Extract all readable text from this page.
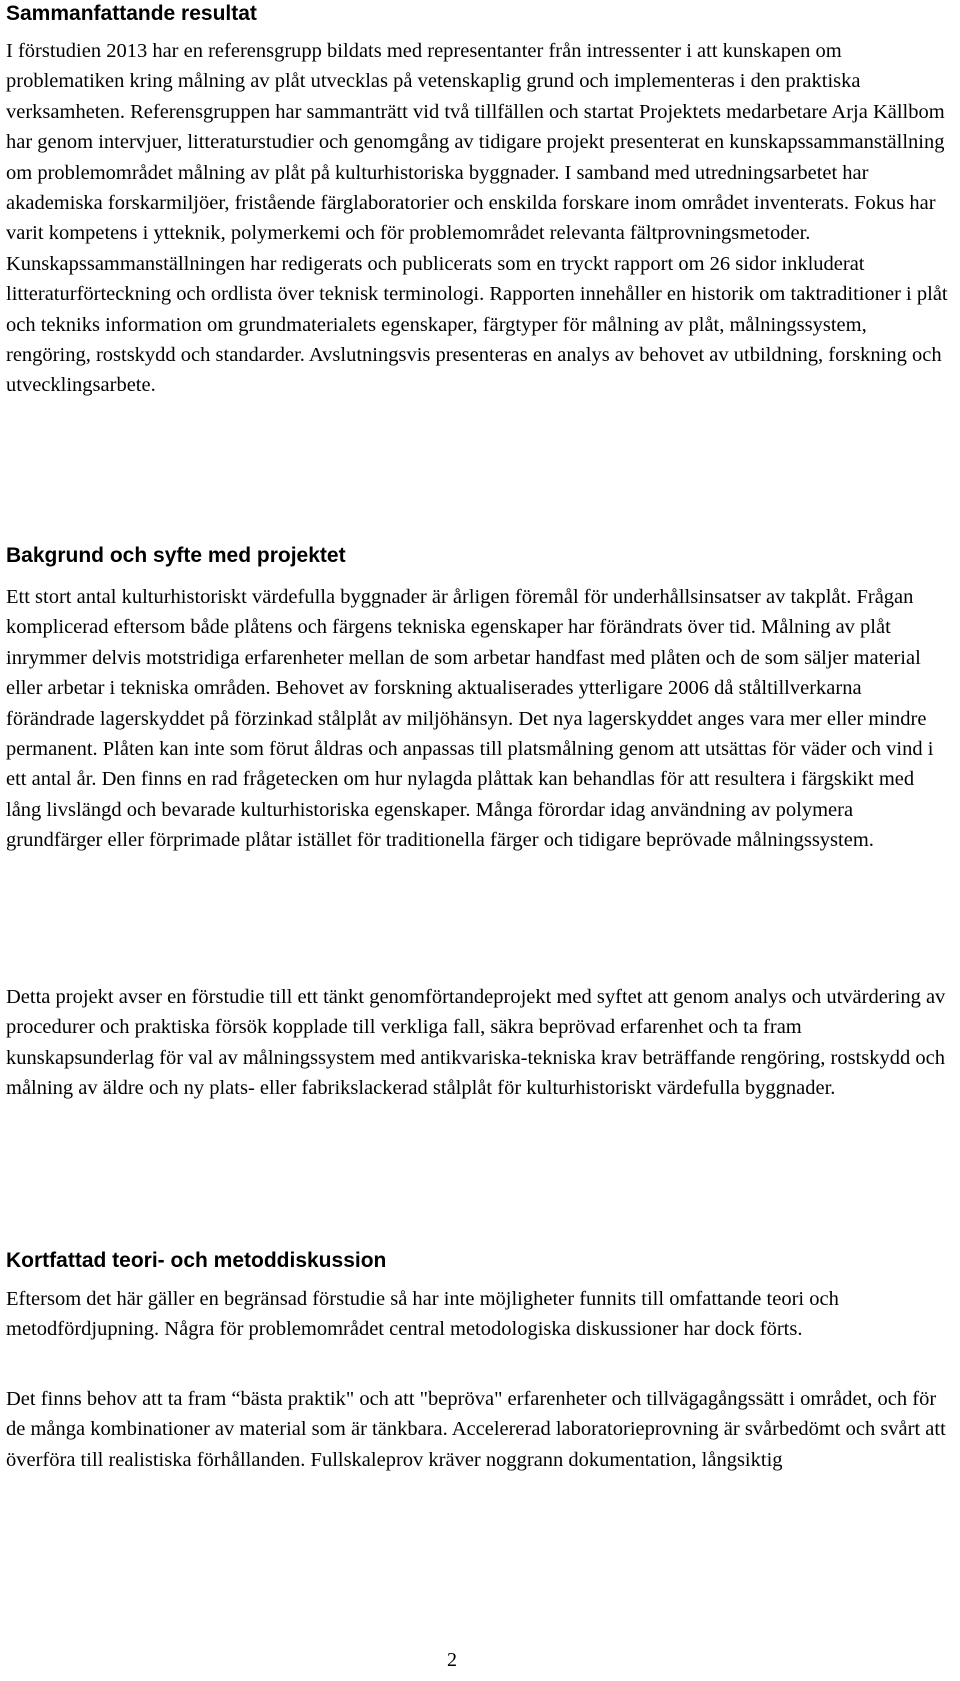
Sammanfattande resultat

I förstudien 2013 har en referensgrupp bildats med representanter från intressenter i att kunskapen om problematiken kring målning av plåt utvecklas på vetenskaplig grund och implementeras i den praktiska verksamheten. Referensgruppen har sammanträtt vid två tillfällen och startat Projektets medarbetare Arja Källbom har genom intervjuer, litteraturstudier och genomgång av tidigare projekt presenterat en kunskapssammanställning om problemområdet målning av plåt på kulturhistoriska byggnader. I samband med utredningsarbetet har akademiska forskarmiljöer, fristående färglaboratorier och enskilda forskare inom området inventerats. Fokus har varit kompetens i ytteknik, polymerkemi och för problemområdet relevanta fältprovningsmetoder. Kunskapssammanställningen har redigerats och publicerats som en tryckt rapport om 26 sidor inkluderat litteraturförteckning och ordlista över teknisk terminologi. Rapporten innehåller en historik om taktraditioner i plåt och tekniks information om grundmaterialets egenskaper, färgtyper för målning av plåt, målningssystem, rengöring, rostskydd och standarder. Avslutningsvis presenteras en analys av behovet av utbildning, forskning och utvecklingsarbete.

Bakgrund och syfte med projektet

Ett stort antal kulturhistoriskt värdefulla byggnader är årligen föremål för underhållsinsatser av takplåt. Frågan komplicerad eftersom både plåtens och färgens tekniska egenskaper har förändrats över tid. Målning av plåt inrymmer delvis motstridiga erfarenheter mellan de som arbetar handfast med plåten och de som säljer material eller arbetar i tekniska områden. Behovet av forskning aktualiserades ytterligare 2006 då ståltillverkarna förändrade lagerskyddet på förzinkad stålplåt av miljöhänsyn. Det nya lagerskyddet anges vara mer eller mindre permanent. Plåten kan inte som förut åldras och anpassas till platsmålning genom att utsättas för väder och vind i ett antal år. Den finns en rad frågetecken om hur nylagda plåttak kan behandlas för att resultera i färgskikt med lång livslängd och bevarade kulturhistoriska egenskaper. Många förordar idag användning av polymera grundfärger eller förprimade plåtar istället för traditionella färger och tidigare beprövade målningssystem.

Detta projekt avser en förstudie till ett tänkt genomförtandeprojekt med syftet att genom analys och utvärdering av procedurer och praktiska försök kopplade till verkliga fall, säkra beprövad erfarenhet och ta fram kunskapsunderlag för val av målningssystem med antikvariska-tekniska krav beträffande rengöring, rostskydd och målning av äldre och ny plats- eller fabrikslackerad stålplåt för kulturhistoriskt värdefulla byggnader.

Kortfattad teori- och metoddiskussion

Eftersom det här gäller en begränsad förstudie så har inte möjligheter funnits till omfattande teori och metodfördjupning. Några för problemområdet central metodologiska diskussioner har dock förts.

Det finns behov att ta fram “bästa praktik" och att "bepröva" erfarenheter och tillvägagångssätt i området, och för de många kombinationer av material som är tänkbara. Accelererad laboratorieprovning är svårbedömt och svårt att överföra till realistiska förhållanden. Fullskaleprov kräver noggrann dokumentation, långsiktig

2
